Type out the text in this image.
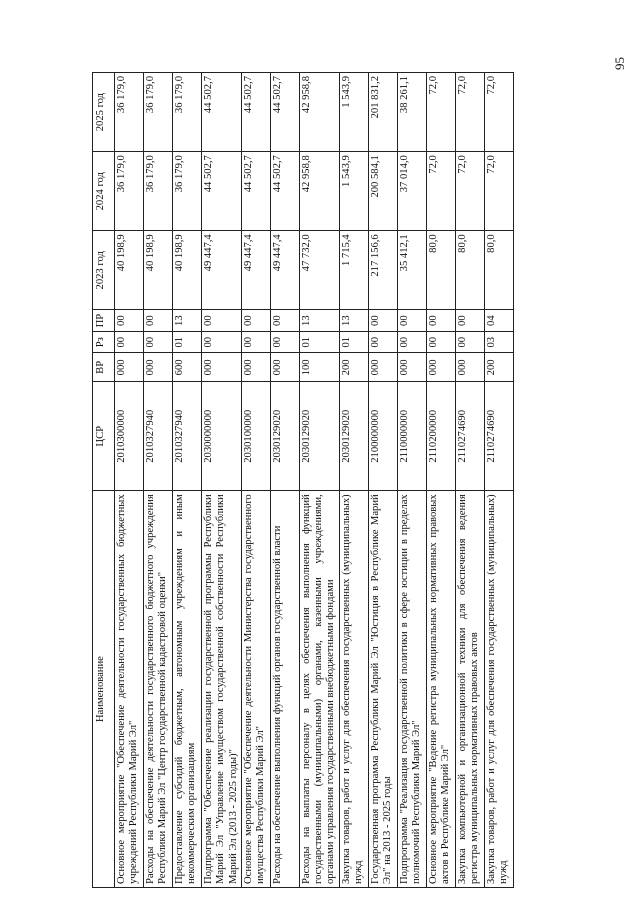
95
Наименование	ЦСР	ВР	Рз	ПР	2023 год	2024 год	2025 год
Основное мероприятие "Обеспечение деятельности государственных бюджетных учреждений Республики Марий Эл"	2010300000	000	00	00	40 198,9	36 179,0	36 179,0
Расходы на обеспечение деятельности государственного бюджетного учреждения Республики Марий Эл "Центр государственной кадастровой оценки"	2010327940	000	00	00	40 198,9	36 179,0	36 179,0
Предоставление субсидий бюджетным, автономным учреждениям и иным некоммерческим организациям	2010327940	600	01	13	40 198,9	36 179,0	36 179,0
Подпрограмма "Обеспечение реализации государственной программы Республики Марий Эл "Управление имуществом государственной собственности Республики Марий Эл (2013 - 2025 годы)"	2030000000	000	00	00	49 447,4	44 502,7	44 502,7
Основное мероприятие "Обеспечение деятельности Министерства государственного имущества Республики Марий Эл"	2030100000	000	00	00	49 447,4	44 502,7	44 502,7
Расходы на обеспечение выполнения функций органов государственной власти	2030129020	000	00	00	49 447,4	44 502,7	44 502,7
Расходы на выплаты персоналу в целях обеспечения выполнения функций государственными (муниципальными) органами, казенными учреждениями, органами управления государственными внебюджетными фондами	2030129020	100	01	13	47 732,0	42 958,8	42 958,8
Закупка товаров, работ и услуг для обеспечения государственных (муниципальных) нужд	2030129020	200	01	13	1 715,4	1 543,9	1 543,9
Государственная программа Республики Марий Эл "Юстиция в Республике Марий Эл" на 2013 - 2025 годы	2100000000	000	00	00	217 156,6	200 584,1	201 831,2
Подпрограмма "Реализация государственной политики в сфере юстиции в пределах полномочий Республики Марий Эл"	2110000000	000	00	00	35 412,1	37 014,0	38 261,1
Основное мероприятие "Ведение регистра муниципальных нормативных правовых актов в Республике Марий Эл"	2110200000	000	00	00	80,0	72,0	72,0
Закупка компьютерной и организационной техники для обеспечения ведения регистра муниципальных нормативных правовых актов	2110274690	000	00	00	80,0	72,0	72,0
Закупка товаров, работ и услуг для обеспечения государственных (муниципальных) нужд	2110274690	200	03	04	80,0	72,0	72,0
